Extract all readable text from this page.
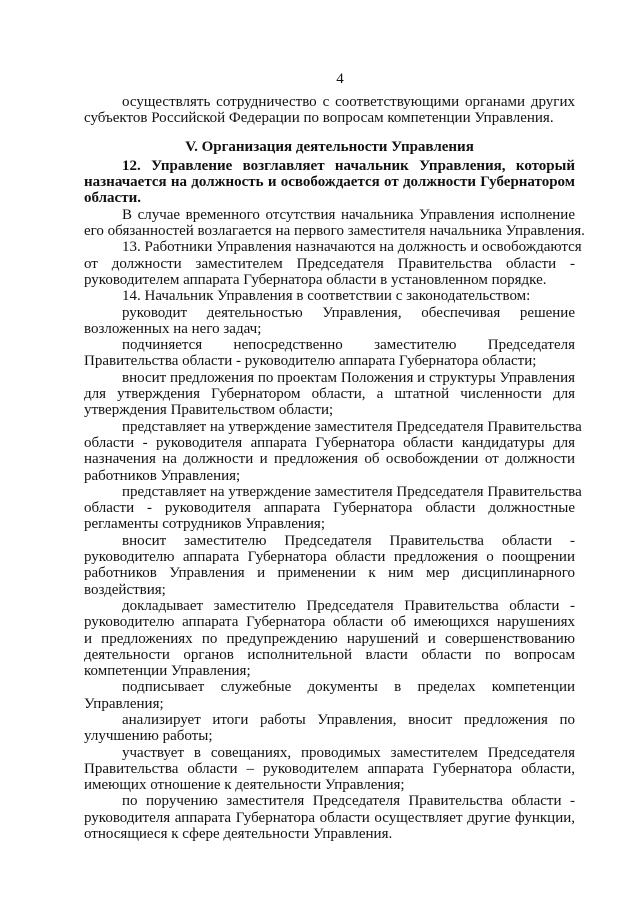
4
осуществлять сотрудничество с соответствующими органами других
субъектов Российской Федерации по вопросам компетенции Управления.
V. Организация деятельности Управления
12. Управление возглавляет начальник Управления, который
назначается на должность и освобождается от должности Губернатором
области.
В случае временного отсутствия начальника Управления исполнение
его обязанностей возлагается на первого заместителя начальника Управления.
13. Работники Управления назначаются на должность и освобождаются
от должности заместителем Председателя Правительства области -
руководителем аппарата Губернатора области в установленном порядке.
14. Начальник Управления в соответствии с законодательством:
руководит деятельностью Управления, обеспечивая решение
возложенных на него задач;
подчиняется непосредственно заместителю Председателя
Правительства области - руководителю аппарата Губернатора области;
вносит предложения по проектам Положения и структуры Управления
для утверждения Губернатором области, а штатной численности для
утверждения Правительством области;
представляет на утверждение заместителя Председателя Правительства
области - руководителя аппарата Губернатора области кандидатуры для
назначения на должности и предложения об освобождении от должности
работников Управления;
представляет на утверждение заместителя Председателя Правительства
области - руководителя аппарата Губернатора области должностные
регламенты сотрудников Управления;
вносит заместителю Председателя Правительства области -
руководителю аппарата Губернатора области предложения о поощрении
работников Управления и применении к ним мер дисциплинарного
воздействия;
докладывает заместителю Председателя Правительства области -
руководителю аппарата Губернатора области об имеющихся нарушениях
и предложениях по предупреждению нарушений и совершенствованию
деятельности органов исполнительной власти области по вопросам
компетенции Управления;
подписывает служебные документы в пределах компетенции
Управления;
анализирует итоги работы Управления, вносит предложения по
улучшению работы;
участвует в совещаниях, проводимых заместителем Председателя
Правительства области – руководителем аппарата Губернатора области,
имеющих отношение к деятельности Управления;
по поручению заместителя Председателя Правительства области -
руководителя аппарата Губернатора области осуществляет другие функции,
относящиеся к сфере деятельности Управления.
